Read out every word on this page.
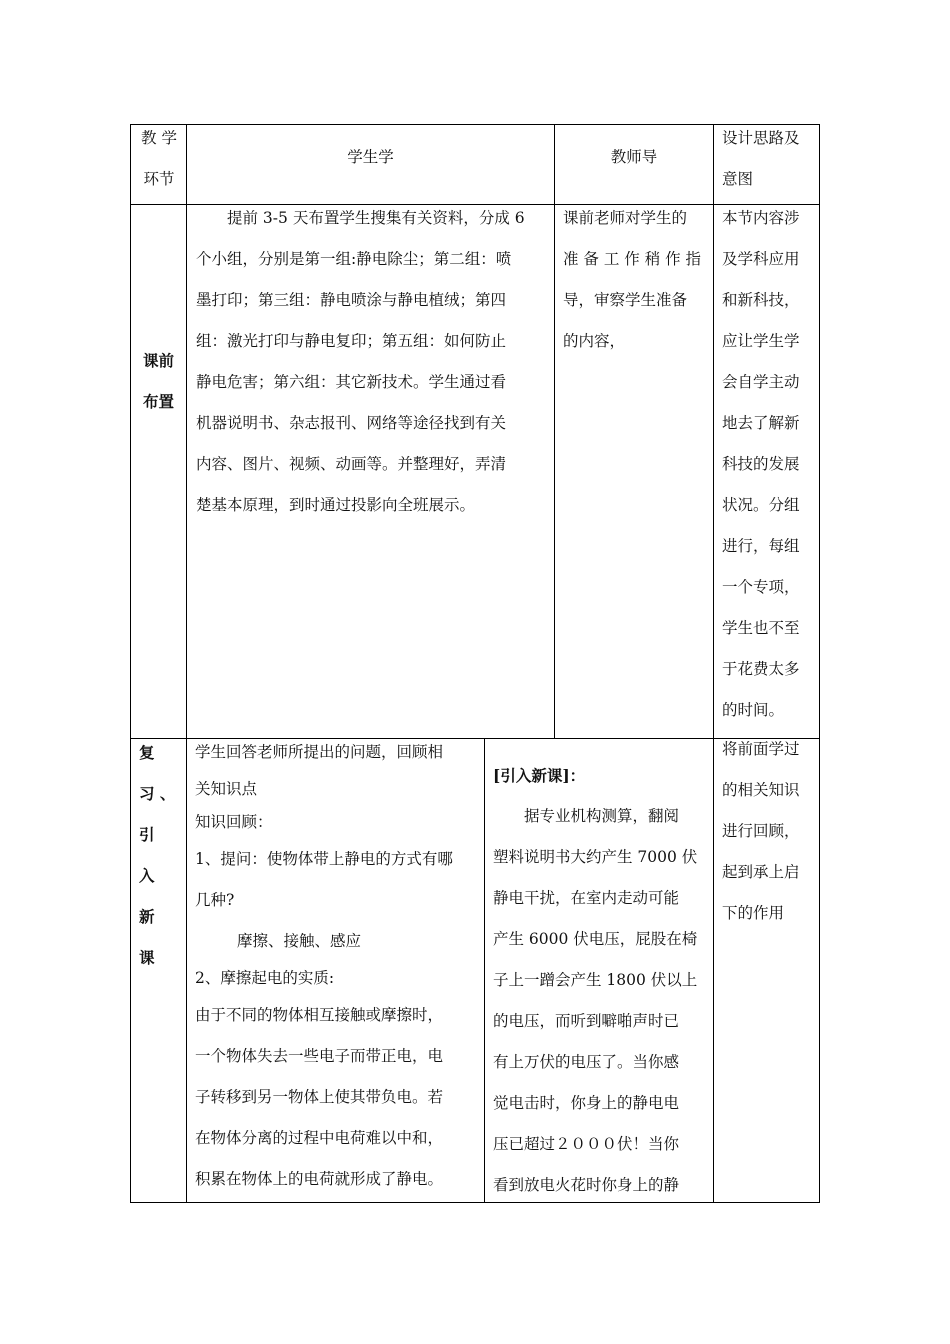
教 学
环节
学生学	教师导
设计思路及
意图
课前
布置
提前 3-5 天布置学生搜集有关资料，分成 6
个小组，分别是第一组:静电除尘；第二组：喷
墨打印；第三组：静电喷涂与静电植绒；第四
组：激光打印与静电复印；第五组：如何防止
静电危害；第六组：其它新技术。学生通过看
机器说明书、杂志报刊、网络等途径找到有关
内容、图片、视频、动画等。并整理好，弄清
楚基本原理，到时通过投影向全班展示。
课前老师对学生的
准 备 工 作 稍 作 指
导，审察学生准备
的内容，
本节内容涉
及学科应用
和新科技，
应让学生学
会自学主动
地去了解新
科技的发展
状况。分组
进行，每组
一个专项，
学生也不至
于花费太多
的时间。
复
习 、
引
入
新
课
学生回答老师所提出的问题，回顾相
关知识点
知识回顾：
1、提问：使物体带上静电的方式有哪
几种?
摩擦、接触、感应
2、摩擦起电的实质:
由于不同的物体相互接触或摩擦时，
一个物体失去一些电子而带正电，电
子转移到另一物体上使其带负电。若
在物体分离的过程中电荷难以中和，
积累在物体上的电荷就形成了静电。
[引入新课]：
据专业机构测算，翻阅
塑料说明书大约产生 7000 伏
静电干扰，在室内走动可能
产生 6000 伏电压，屁股在椅
子上一蹭会产生 1800 伏以上
的电压，而听到噼啪声时已
有上万伏的电压了。当你感
觉电击时，你身上的静电电
压已超过２０００伏！当你
看到放电火花时你身上的静
将前面学过
的相关知识
进行回顾，
起到承上启
下的作用
